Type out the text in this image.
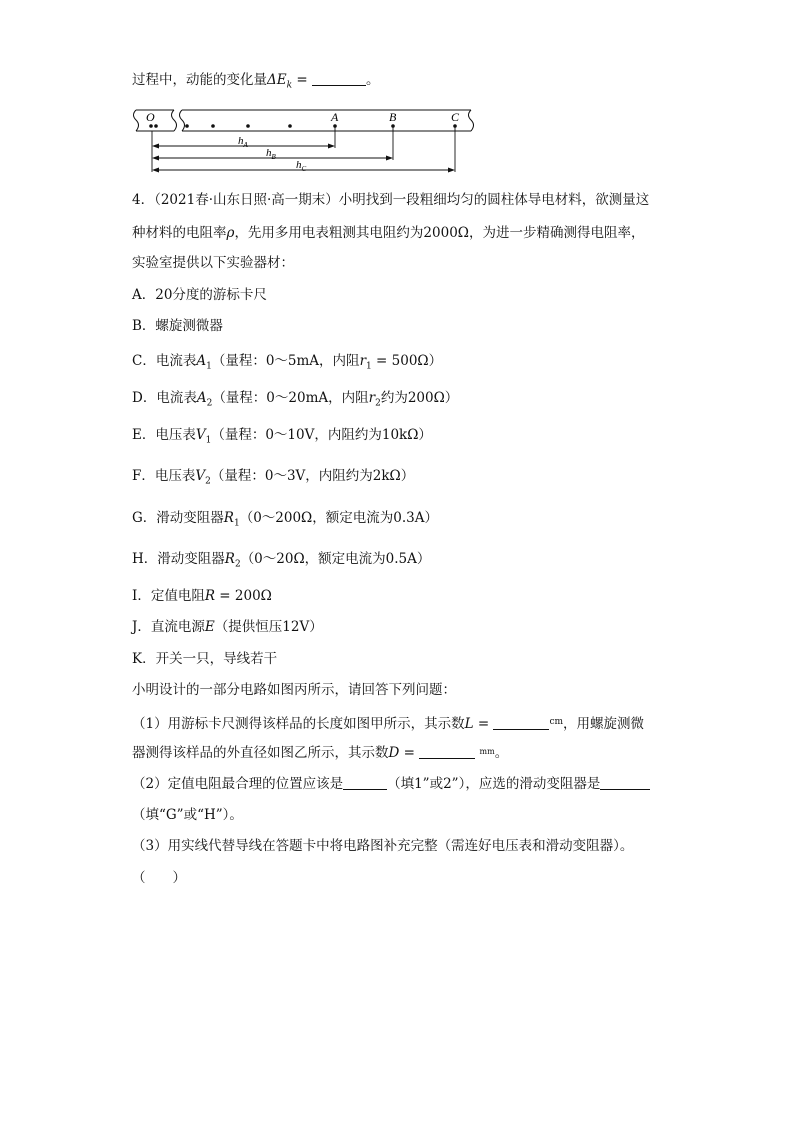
过程中，动能的变化量$\Delta E_k$ =	。
O	A	B	C
$h_A$
$h_B$
$h_C$
4．（2021春·山东日照·高一期末）小明找到一段粗细均匀的圆柱体导电材料，欲测量这
种材料的电阻率ρ，先用多用电表粗测其电阻约为2000Ω，为进一步精确测得电阻率，
实验室提供以下实验器材：
A．20分度的游标卡尺
B．螺旋测微器
C．电流表$A_1$（量程：0～5mA，内阻$r_1 = 500\Omega$）
D．电流表$A_2$（量程：0～20mA，内阻$r_2$约为200Ω）
E．电压表$V_1$（量程：0～10V，内阻约为10kΩ）
F．电压表$V_2$（量程：0～3V，内阻约为2kΩ）
G．滑动变阻器$R_1(0\sim 200\Omega$，额定电流为0.3A）
H．滑动变阻器$R_2(0\sim 20\Omega$，额定电流为0.5A）
I．定值电阻R = 200Ω
J．直流电源E（提供恒压12V）
K．开关一只，导线若干
小明设计的一部分电路如图丙所示，请回答下列问题：
（1）用游标卡尺测得该样品的长度如图甲所示，其示数L =	$^{cm}$，用螺旋测微
器测得该样品的外直径如图乙所示，其示数D =	$^{mm}$。
（2）定值电阻最合理的位置应该是	（填1”或2”），应选的滑动变阻器是
（填“G”或“H”）。
（3）用实线代替导线在答题卡中将电路图补充完整（需连好电压表和滑动变阻器）。
（　　）
